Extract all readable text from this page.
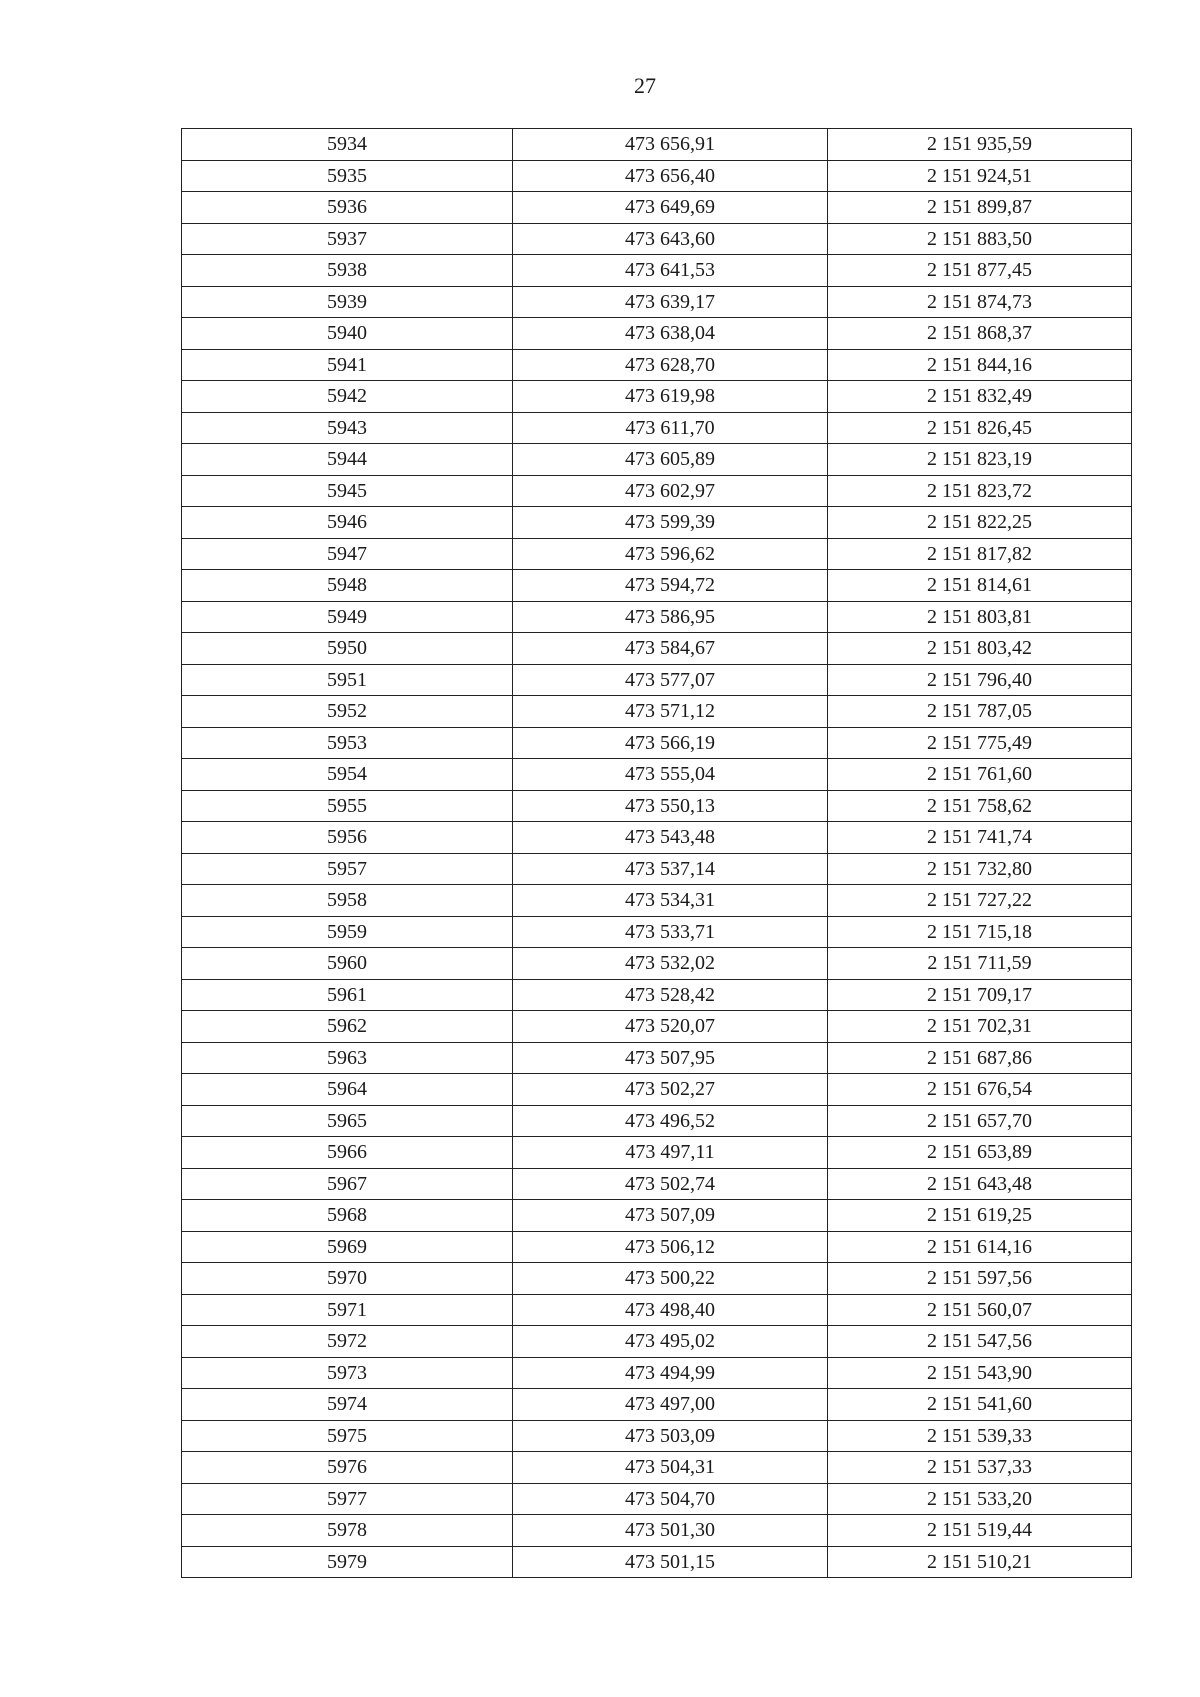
27
5934	473 656,91	2 151 935,59
5935	473 656,40	2 151 924,51
5936	473 649,69	2 151 899,87
5937	473 643,60	2 151 883,50
5938	473 641,53	2 151 877,45
5939	473 639,17	2 151 874,73
5940	473 638,04	2 151 868,37
5941	473 628,70	2 151 844,16
5942	473 619,98	2 151 832,49
5943	473 611,70	2 151 826,45
5944	473 605,89	2 151 823,19
5945	473 602,97	2 151 823,72
5946	473 599,39	2 151 822,25
5947	473 596,62	2 151 817,82
5948	473 594,72	2 151 814,61
5949	473 586,95	2 151 803,81
5950	473 584,67	2 151 803,42
5951	473 577,07	2 151 796,40
5952	473 571,12	2 151 787,05
5953	473 566,19	2 151 775,49
5954	473 555,04	2 151 761,60
5955	473 550,13	2 151 758,62
5956	473 543,48	2 151 741,74
5957	473 537,14	2 151 732,80
5958	473 534,31	2 151 727,22
5959	473 533,71	2 151 715,18
5960	473 532,02	2 151 711,59
5961	473 528,42	2 151 709,17
5962	473 520,07	2 151 702,31
5963	473 507,95	2 151 687,86
5964	473 502,27	2 151 676,54
5965	473 496,52	2 151 657,70
5966	473 497,11	2 151 653,89
5967	473 502,74	2 151 643,48
5968	473 507,09	2 151 619,25
5969	473 506,12	2 151 614,16
5970	473 500,22	2 151 597,56
5971	473 498,40	2 151 560,07
5972	473 495,02	2 151 547,56
5973	473 494,99	2 151 543,90
5974	473 497,00	2 151 541,60
5975	473 503,09	2 151 539,33
5976	473 504,31	2 151 537,33
5977	473 504,70	2 151 533,20
5978	473 501,30	2 151 519,44
5979	473 501,15	2 151 510,21
